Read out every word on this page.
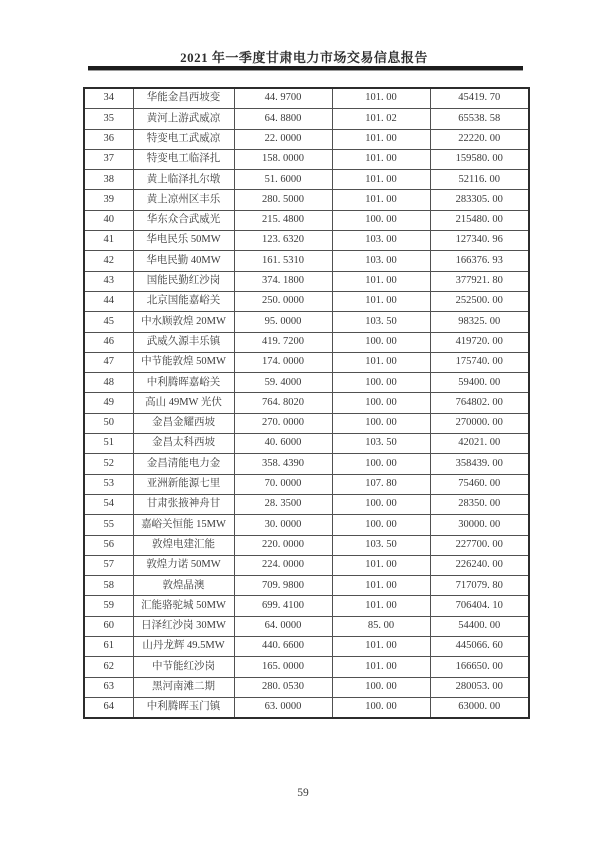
2021 年一季度甘肃电力市场交易信息报告
34	华能金昌西坡变	44. 9700	101. 00	45419. 70
35	黄河上游武威凉	64. 8800	101. 02	65538. 58
36	特变电工武威凉	22. 0000	101. 00	22220. 00
37	特变电工临泽扎	158. 0000	101. 00	159580. 00
38	黄上临泽扎尔墩	51. 6000	101. 00	52116. 00
39	黄上凉州区丰乐	280. 5000	101. 00	283305. 00
40	华东众合武威光	215. 4800	100. 00	215480. 00
41	华电民乐 50MW	123. 6320	103. 00	127340. 96
42	华电民勤 40MW	161. 5310	103. 00	166376. 93
43	国能民勤红沙岗	374. 1800	101. 00	377921. 80
44	北京国能嘉峪关	250. 0000	101. 00	252500. 00
45	中水顾敦煌 20MW	95. 0000	103. 50	98325. 00
46	武威久源丰乐镇	419. 7200	100. 00	419720. 00
47	中节能敦煌 50MW	174. 0000	101. 00	175740. 00
48	中利腾晖嘉峪关	59. 4000	100. 00	59400. 00
49	高山 49MW 光伏	764. 8020	100. 00	764802. 00
50	金昌金耀西坡	270. 0000	100. 00	270000. 00
51	金昌太科西坡	40. 6000	103. 50	42021. 00
52	金昌清能电力金	358. 4390	100. 00	358439. 00
53	亚洲新能源七里	70. 0000	107. 80	75460. 00
54	甘肃张掖神舟甘	28. 3500	100. 00	28350. 00
55	嘉峪关恒能 15MW	30. 0000	100. 00	30000. 00
56	敦煌电建汇能	220. 0000	103. 50	227700. 00
57	敦煌力诺 50MW	224. 0000	101. 00	226240. 00
58	敦煌晶澳	709. 9800	101. 00	717079. 80
59	汇能骆驼城 50MW	699. 4100	101. 00	706404. 10
60	日泽红沙岗 30MW	64. 0000	85. 00	54400. 00
61	山丹龙辉 49.5MW	440. 6600	101. 00	445066. 60
62	中节能红沙岗	165. 0000	101. 00	166650. 00
63	黑河南滩二期	280. 0530	100. 00	280053. 00
64	中利腾晖玉门镇	63. 0000	100. 00	63000. 00
59
